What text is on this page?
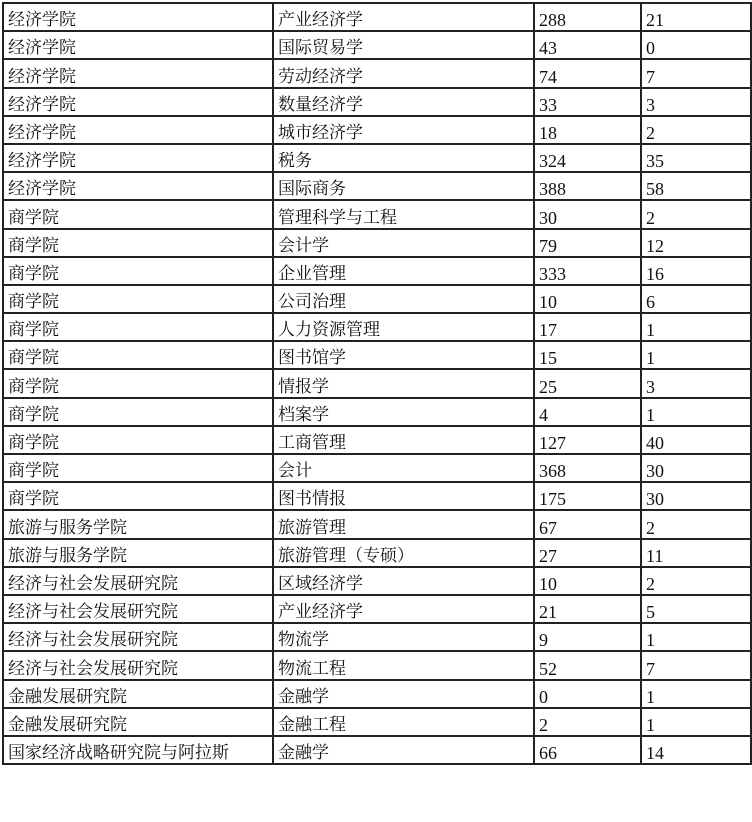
经济学院	产业经济学	288	21
经济学院	国际贸易学	43	0
经济学院	劳动经济学	74	7
经济学院	数量经济学	33	3
经济学院	城市经济学	18	2
经济学院	税务	324	35
经济学院	国际商务	388	58
商学院	管理科学与工程	30	2
商学院	会计学	79	12
商学院	企业管理	333	16
商学院	公司治理	10	6
商学院	人力资源管理	17	1
商学院	图书馆学	15	1
商学院	情报学	25	3
商学院	档案学	4	1
商学院	工商管理	127	40
商学院	会计	368	30
商学院	图书情报	175	30
旅游与服务学院	旅游管理	67	2
旅游与服务学院	旅游管理（专硕）	27	11
经济与社会发展研究院	区域经济学	10	2
经济与社会发展研究院	产业经济学	21	5
经济与社会发展研究院	物流学	9	1
经济与社会发展研究院	物流工程	52	7
金融发展研究院	金融学	0	1
金融发展研究院	金融工程	2	1
国家经济战略研究院与阿拉斯	金融学	66	14
